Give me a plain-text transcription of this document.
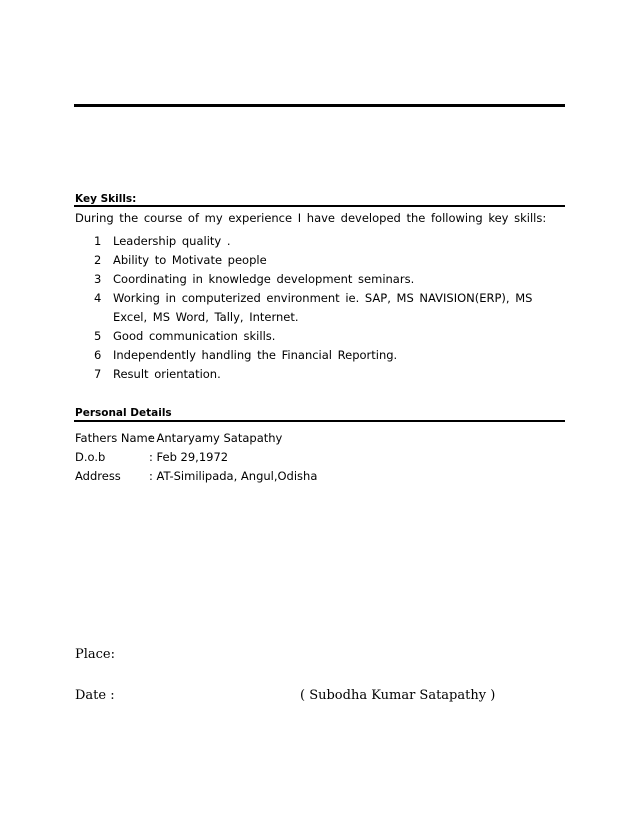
Key Skills:
During the course of my experience I have developed the following key skills:
1 Leadership quality .
2 Ability to Motivate people
3 Coordinating in knowledge development seminars.
4 Working in computerized environment ie. SAP, MS NAVISION(ERP), MS Excel, MS Word, Tally, Internet.
5 Good communication skills.
6 Independently handling the Financial Reporting.
7 Result orientation.
Personal Details
Fathers Name: Antaryamy Satapathy
D.o.b	: Feb 29,1972
Address : AT-Similipada, Angul,Odisha
Place:
Date :	( Subodha Kumar Satapathy )
